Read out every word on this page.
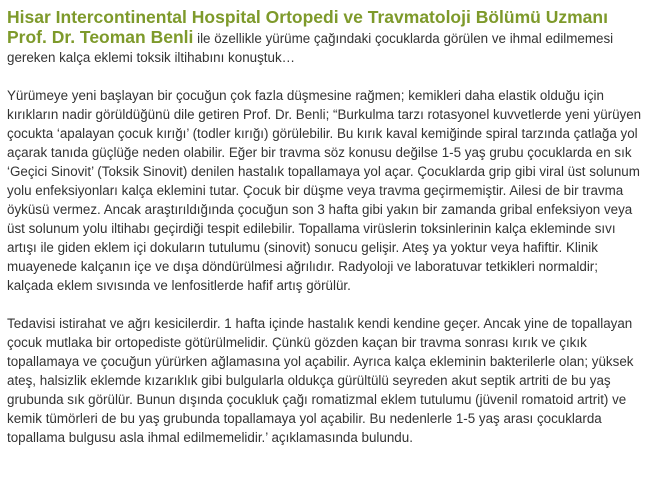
Hisar Intercontinental Hospital Ortopedi ve Travmatoloji Bölümü Uzmanı Prof. Dr. Teoman Benli ile özellikle yürüme çağındaki çocuklarda görülen ve ihmal edilmemesi gereken kalça eklemi toksik iltihabını konuştuk…

Yürümeye yeni başlayan bir çocuğun çok fazla düşmesine rağmen; kemikleri daha elastik olduğu için kırıkların nadir görüldüğünü dile getiren Prof. Dr. Benli; “Burkulma tarzı rotasyonel kuvvetlerde yeni yürüyen çocukta ‘apalayan çocuk kırığı’ (todler kırığı) görülebilir. Bu kırık kaval kemiğinde spiral tarzında çatlağa yol açarak tanıda güçlüğe neden olabilir. Eğer bir travma söz konusu değilse 1-5 yaş grubu çocuklarda en sık ‘Geçici Sinovit’ (Toksik Sinovit) denilen hastalık topallamaya yol açar. Çocuklarda grip gibi viral üst solunum yolu enfeksiyonları kalça eklemini tutar. Çocuk bir düşme veya travma geçirmemiştir. Ailesi de bir travma öyküsü vermez. Ancak araştırıldığında çocuğun son 3 hafta gibi yakın bir zamanda gribal enfeksiyon veya üst solunum yolu iltihabı geçirdiği tespit edilebilir. Topallama virüslerin toksinlerinin kalça ekleminde sıvı artışı ile giden eklem içi dokuların tutulumu (sinovit) sonucu gelişir. Ateş ya yoktur veya hafiftir. Klinik muayenede kalçanın içe ve dışa döndürülmesi ağrılıdır. Radyoloji ve laboratuvar tetkikleri normaldir; kalçada eklem sıvısında ve lenfositlerde hafif artış görülür.

Tedavisi istirahat ve ağrı kesicilerdir. 1 hafta içinde hastalık kendi kendine geçer. Ancak yine de topallayan çocuk mutlaka bir ortopediste götürülmelidir. Çünkü gözden kaçan bir travma sonrası kırık ve çıkık topallamaya ve çocuğun yürürken ağlamasına yol açabilir. Ayrıca kalça ekleminin bakterilerle olan; yüksek ateş, halsizlik eklemde kızarıklık gibi bulgularla oldukça gürültülü seyreden akut septik artriti de bu yaş grubunda sık görülür. Bunun dışında çocukluk çağı romatizmal eklem tutulumu (jüvenil romatoid artrit) ve kemik tümörleri de bu yaş grubunda topallamaya yol açabilir. Bu nedenlerle 1-5 yaş arası çocuklarda topallama bulgusu asla ihmal edilmemelidir.’ açıklamasında bulundu.
